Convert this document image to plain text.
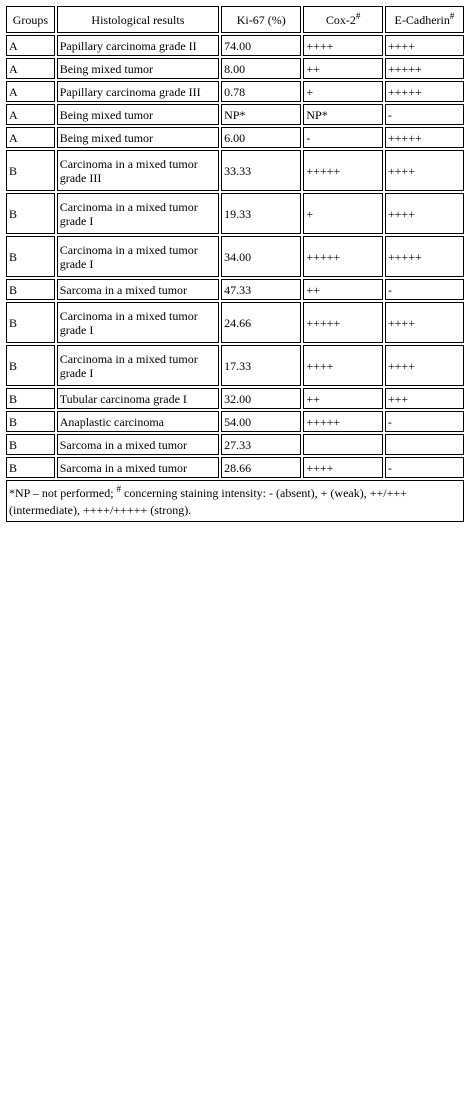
Groups	Histological results	Ki-67 (%)	Cox-2#	E-Cadherin#
A	Papillary carcinoma grade II	74.00	++++	++++
A	Being mixed tumor	8.00	++	+++++
A	Papillary carcinoma grade III	0.78	+	+++++
A	Being mixed tumor	NP*	NP*	-
A	Being mixed tumor	6.00	-	+++++
B	Carcinoma in a mixed tumor grade III	33.33	+++++	++++
B	Carcinoma in a mixed tumor grade I	19.33	+	++++
B	Carcinoma in a mixed tumor grade I	34.00	+++++	+++++
B	Sarcoma in a mixed tumor	47.33	++	-
B	Carcinoma in a mixed tumor grade I	24.66	+++++	++++
B	Carcinoma in a mixed tumor grade I	17.33	++++	++++
B	Tubular carcinoma grade I	32.00	++	+++
B	Anaplastic carcinoma	54.00	+++++	-
B	Sarcoma in a mixed tumor	27.33		
B	Sarcoma in a mixed tumor	28.66	++++	-
*NP – not performed; # concerning staining intensity: - (absent), + (weak), ++/+++ (intermediate), ++++/+++++ (strong).				
